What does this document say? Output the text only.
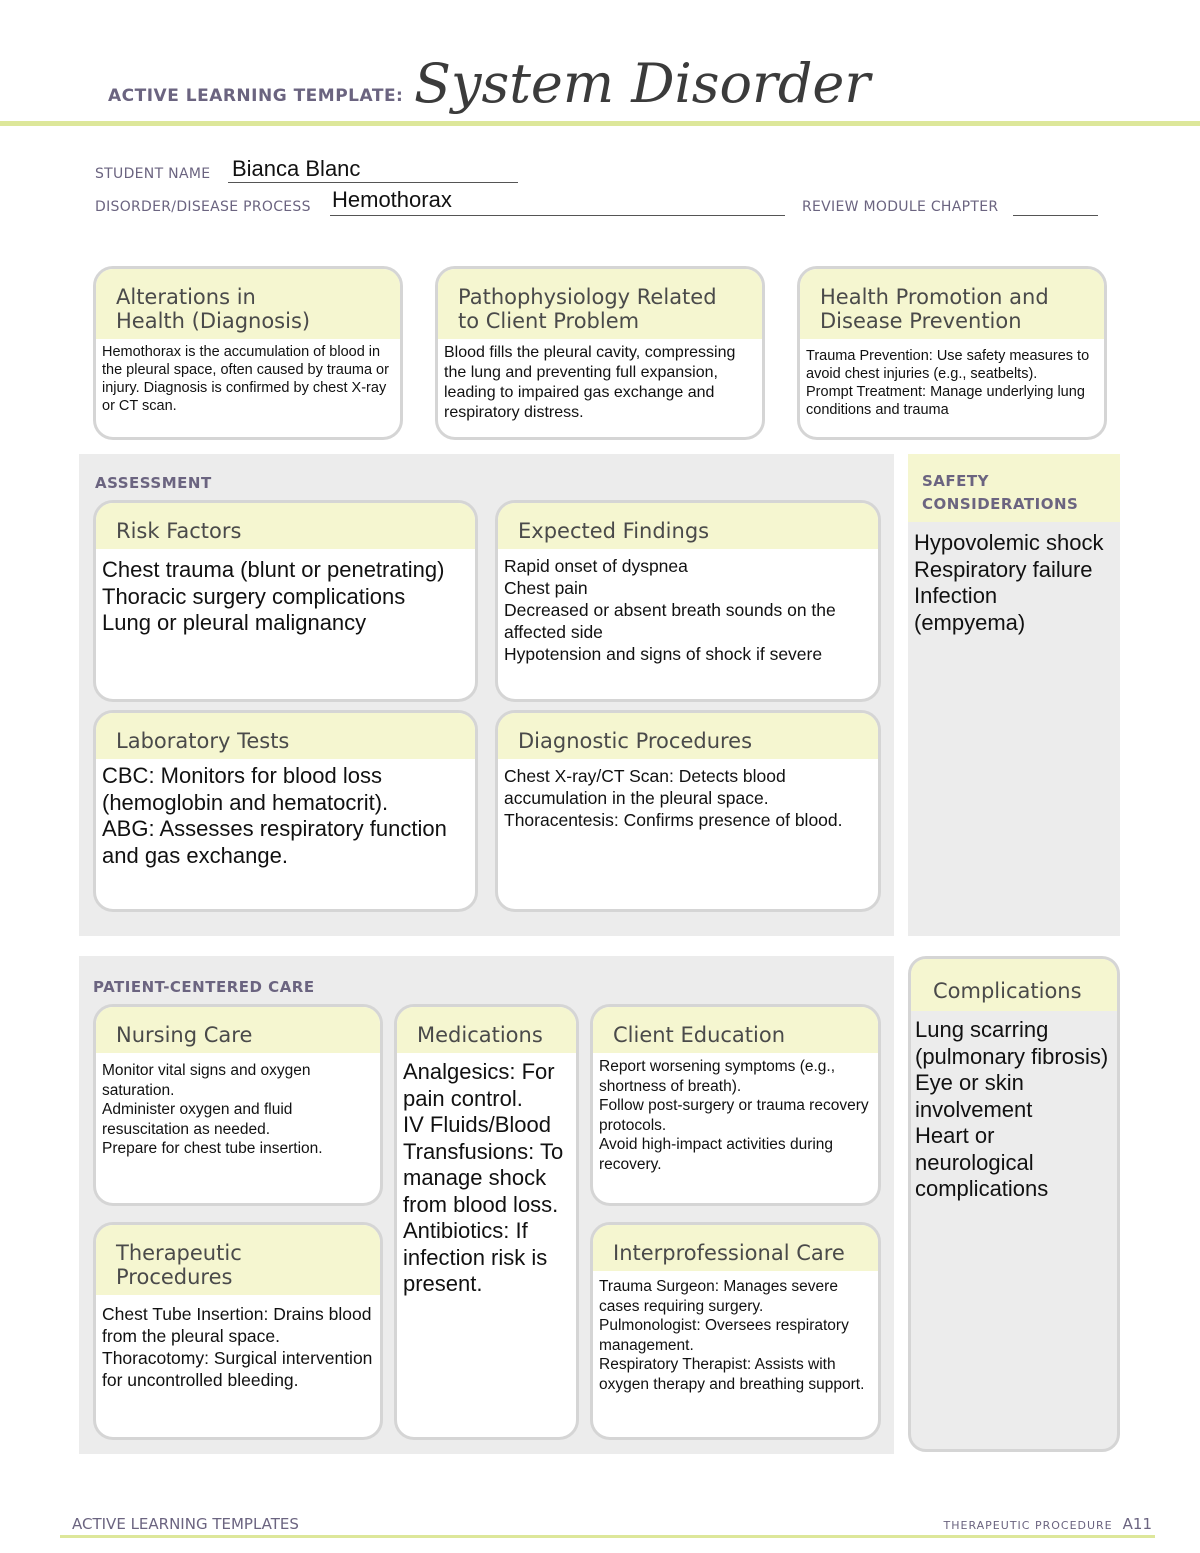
ACTIVE LEARNING TEMPLATE: System Disorder
STUDENT NAME Bianca Blanc
DISORDER/DISEASE PROCESS Hemothorax	REVIEW MODULE CHAPTER
Alterations in
Health (Diagnosis)
Hemothorax is the accumulation of blood in the pleural space, often caused by trauma or injury. Diagnosis is confirmed by chest X-ray or CT scan.
Pathophysiology Related
to Client Problem
Blood fills the pleural cavity, compressing the lung and preventing full expansion, leading to impaired gas exchange and respiratory distress.
Health Promotion and
Disease Prevention
Trauma Prevention: Use safety measures to avoid chest injuries (e.g., seatbelts).
Prompt Treatment: Manage underlying lung conditions and trauma
ASSESSMENT
Risk Factors
Chest trauma (blunt or penetrating)
Thoracic surgery complications
Lung or pleural malignancy
Expected Findings
Rapid onset of dyspnea
Chest pain
Decreased or absent breath sounds on the affected side
Hypotension and signs of shock if severe
Laboratory Tests
CBC: Monitors for blood loss (hemoglobin and hematocrit).
ABG: Assesses respiratory function and gas exchange.
Diagnostic Procedures
Chest X-ray/CT Scan: Detects blood accumulation in the pleural space.
Thoracentesis: Confirms presence of blood.
SAFETY
CONSIDERATIONS
Hypovolemic shock
Respiratory failure
Infection (empyema)
PATIENT-CENTERED CARE
Nursing Care
Monitor vital signs and oxygen saturation.
Administer oxygen and fluid resuscitation as needed.
Prepare for chest tube insertion.
Medications
Analgesics: For pain control.
IV Fluids/Blood Transfusions: To manage shock from blood loss.
Antibiotics: If infection risk is present.
Client Education
Report worsening symptoms (e.g., shortness of breath).
Follow post-surgery or trauma recovery protocols.
Avoid high-impact activities during recovery.
Therapeutic Procedures
Chest Tube Insertion: Drains blood from the pleural space.
Thoracotomy: Surgical intervention for uncontrolled bleeding.
Interprofessional Care
Trauma Surgeon: Manages severe cases requiring surgery.
Pulmonologist: Oversees respiratory management.
Respiratory Therapist: Assists with oxygen therapy and breathing support.
Complications
Lung scarring (pulmonary fibrosis)
Eye or skin involvement
Heart or neurological complications
ACTIVE LEARNING TEMPLATES	THERAPEUTIC PROCEDURE A11
